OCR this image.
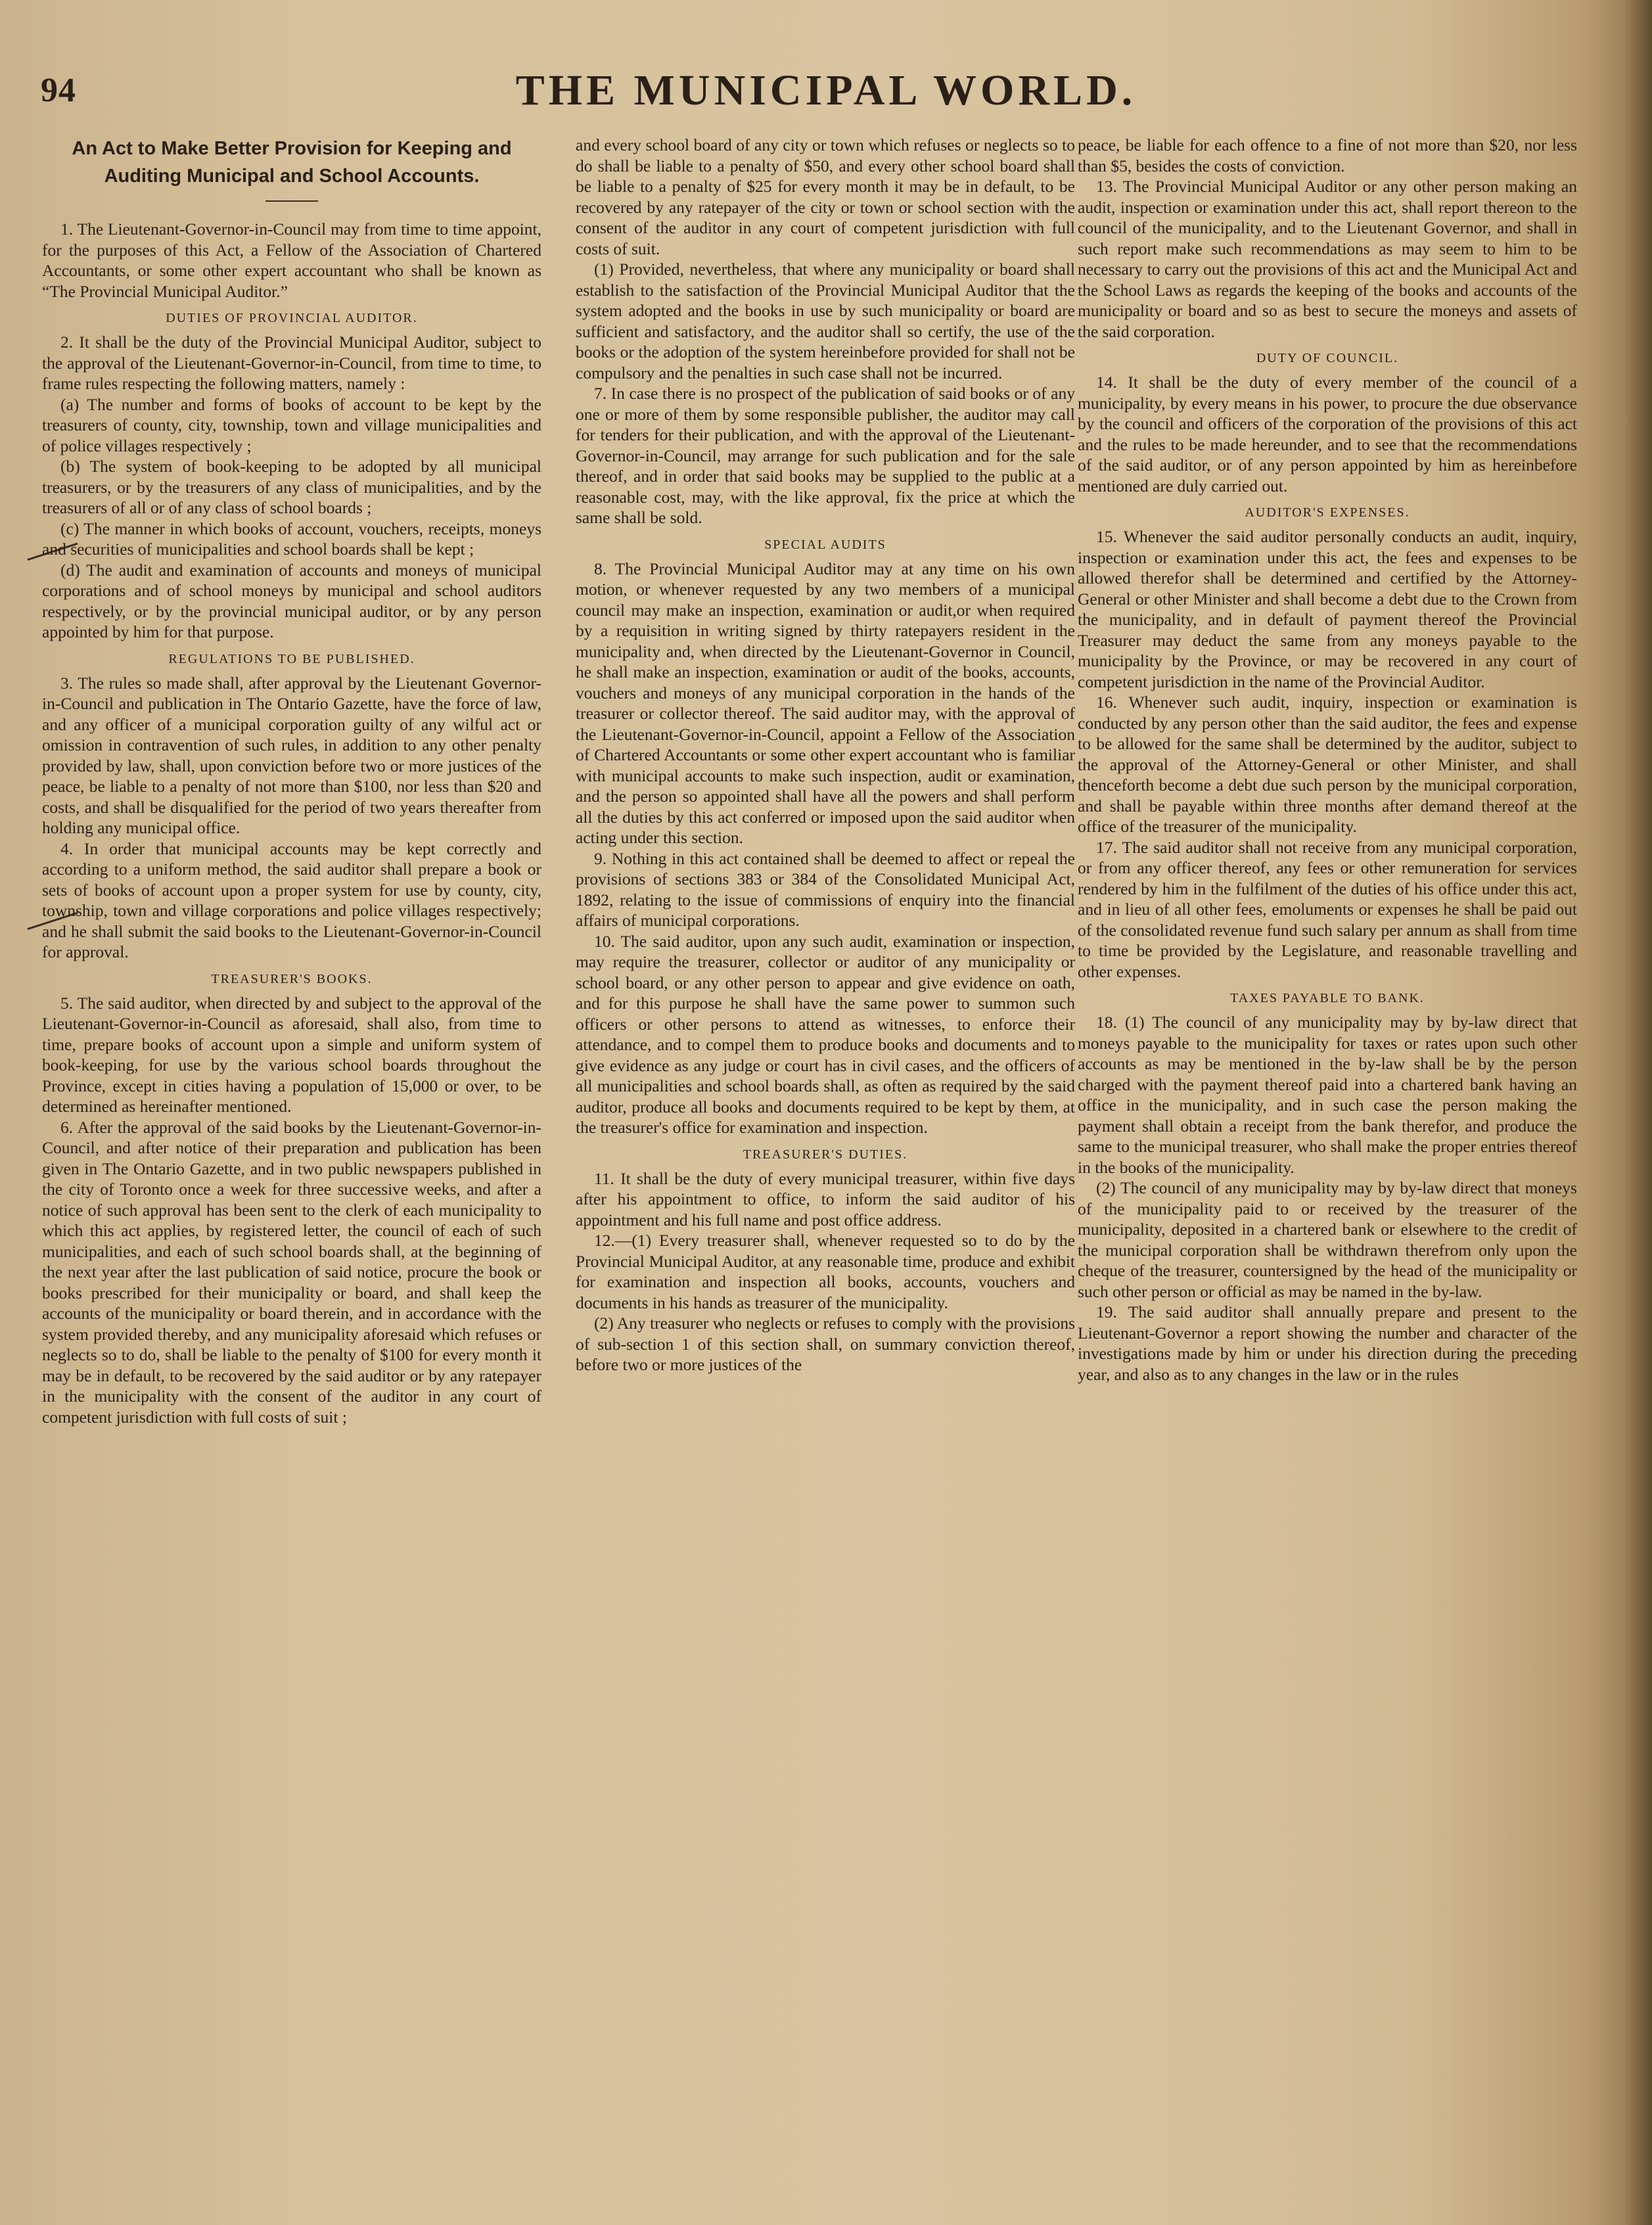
94	THE MUNICIPAL WORLD.
An Act to Make Better Provision for Keeping and Auditing Municipal and School Accounts.

1. The Lieutenant-Governor-in-Council may from time to time appoint, for the purposes of this Act, a Fellow of the Association of Chartered Accountants, or some other expert accountant who shall be known as “The Provincial Municipal Auditor.”

DUTIES OF PROVINCIAL AUDITOR.

2. It shall be the duty of the Provincial Municipal Auditor, subject to the approval of the Lieutenant-Governor-in-Council, from time to time, to frame rules respecting the following matters, namely :

(a) The number and forms of books of account to be kept by the treasurers of county, city, township, town and village municipalities and of police villages respectively ;

(b) The system of book-keeping to be adopted by all municipal treasurers, or by the treasurers of any class of municipalities, and by the treasurers of all or of any class of school boards ;

(c) The manner in which books of account, vouchers, receipts, moneys and securities of municipalities and school boards shall be kept ;

(d) The audit and examination of accounts and moneys of municipal corporations and of school moneys by municipal and school auditors respectively, or by the provincial municipal auditor, or by any person appointed by him for that purpose.

REGULATIONS TO BE PUBLISHED.

3. The rules so made shall, after approval by the Lieutenant Governor-in-Council and publication in The Ontario Gazette, have the force of law, and any officer of a municipal corporation guilty of any wilful act or omission in contravention of such rules, in addition to any other penalty provided by law, shall, upon conviction before two or more justices of the peace, be liable to a penalty of not more than $100, nor less than $20 and costs, and shall be disqualified for the period of two years thereafter from holding any municipal office.

4. In order that municipal accounts may be kept correctly and according to a uniform method, the said auditor shall prepare a book or sets of books of account upon a proper system for use by county, city, township, town and village corporations and police villages respectively; and he shall submit the said books to the Lieutenant-Governor-in-Council for approval.

TREASURER'S BOOKS.

5. The said auditor, when directed by and subject to the approval of the Lieutenant-Governor-in-Council as aforesaid, shall also, from time to time, prepare books of account upon a simple and uniform system of book-keeping, for use by the various school boards throughout the Province, except in cities having a population of 15,000 or over, to be determined as hereinafter mentioned.

6. After the approval of the said books by the Lieutenant-Governor-in-Council, and after notice of their preparation and publication has been given in The Ontario Gazette, and in two public newspapers published in the city of Toronto once a week for three successive weeks, and after a notice of such approval has been sent to the clerk of each municipality to which this act applies, by registered letter, the council of each of such municipalities, and each of such school boards shall, at the beginning of the next year after the last publication of said notice, procure the book or books prescribed for their municipality or board, and shall keep the accounts of the municipality or board therein, and in accordance with the system provided thereby, and any municipality aforesaid which refuses or neglects so to do, shall be liable to the penalty of $100 for every month it may be in default, to be recovered by the said auditor or by any ratepayer in the municipality with the consent of the auditor in any court of competent jurisdiction with full costs of suit ;

and every school board of any city or town which refuses or neglects so to do shall be liable to a penalty of $50, and every other school board shall be liable to a penalty of $25 for every month it may be in default, to be recovered by any ratepayer of the city or town or school section with the consent of the auditor in any court of competent jurisdiction with full costs of suit.

(1) Provided, nevertheless, that where any municipality or board shall establish to the satisfaction of the Provincial Municipal Auditor that the system adopted and the books in use by such municipality or board are sufficient and satisfactory, and the auditor shall so certify, the use of the books or the adoption of the system hereinbefore provided for shall not be compulsory and the penalties in such case shall not be incurred.

7. In case there is no prospect of the publication of said books or of any one or more of them by some responsible publisher, the auditor may call for tenders for their publication, and with the approval of the Lieutenant-Governor-in-Council, may arrange for such publication and for the sale thereof, and in order that said books may be supplied to the public at a reasonable cost, may, with the like approval, fix the price at which the same shall be sold.

SPECIAL AUDITS

8. The Provincial Municipal Auditor may at any time on his own motion, or whenever requested by any two members of a municipal council may make an inspection, examination or audit,or when required by a requisition in writing signed by thirty ratepayers resident in the municipality and, when directed by the Lieutenant-Governor in Council, he shall make an inspection, examination or audit of the books, accounts, vouchers and moneys of any municipal corporation in the hands of the treasurer or collector thereof. The said auditor may, with the approval of the Lieutenant-Governor-in-Council, appoint a Fellow of the Association of Chartered Accountants or some other expert accountant who is familiar with municipal accounts to make such inspection, audit or examination, and the person so appointed shall have all the powers and shall perform all the duties by this act conferred or imposed upon the said auditor when acting under this section.

9. Nothing in this act contained shall be deemed to affect or repeal the provisions of sections 383 or 384 of the Consolidated Municipal Act, 1892, relating to the issue of commissions of enquiry into the financial affairs of municipal corporations.

10. The said auditor, upon any such audit, examination or inspection, may require the treasurer, collector or auditor of any municipality or school board, or any other person to appear and give evidence on oath, and for this purpose he shall have the same power to summon such officers or other persons to attend as witnesses, to enforce their attendance, and to compel them to produce books and documents and to give evidence as any judge or court has in civil cases, and the officers of all municipalities and school boards shall, as often as required by the said auditor, produce all books and documents required to be kept by them, at the treasurer's office for examination and inspection.

TREASURER'S DUTIES.

11. It shall be the duty of every municipal treasurer, within five days after his appointment to office, to inform the said auditor of his appointment and his full name and post office address.

12.—(1) Every treasurer shall, whenever requested so to do by the Provincial Municipal Auditor, at any reasonable time, produce and exhibit for examination and inspection all books, accounts, vouchers and documents in his hands as treasurer of the municipality.

(2) Any treasurer who neglects or refuses to comply with the provisions of sub-section 1 of this section shall, on summary conviction thereof, before two or more justices of the

peace, be liable for each offence to a fine of not more than $20, nor less than $5, besides the costs of conviction.

13. The Provincial Municipal Auditor or any other person making an audit, inspection or examination under this act, shall report thereon to the council of the municipality, and to the Lieutenant Governor, and shall in such report make such recommendations as may seem to him to be necessary to carry out the provisions of this act and the Municipal Act and the School Laws as regards the keeping of the books and accounts of the municipality or board and so as best to secure the moneys and assets of the said corporation.

DUTY OF COUNCIL.

14. It shall be the duty of every member of the council of a municipality, by every means in his power, to procure the due observance by the council and officers of the corporation of the provisions of this act and the rules to be made hereunder, and to see that the recommendations of the said auditor, or of any person appointed by him as hereinbefore mentioned are duly carried out.

AUDITOR'S EXPENSES.

15. Whenever the said auditor personally conducts an audit, inquiry, inspection or examination under this act, the fees and expenses to be allowed therefor shall be determined and certified by the Attorney-General or other Minister and shall become a debt due to the Crown from the municipality, and in default of payment thereof the Provincial Treasurer may deduct the same from any moneys payable to the municipality by the Province, or may be recovered in any court of competent jurisdiction in the name of the Provincial Auditor.

16. Whenever such audit, inquiry, inspection or examination is conducted by any person other than the said auditor, the fees and expense to be allowed for the same shall be determined by the auditor, subject to the approval of the Attorney-General or other Minister, and shall thenceforth become a debt due such person by the municipal corporation, and shall be payable within three months after demand thereof at the office of the treasurer of the municipality.

17. The said auditor shall not receive from any municipal corporation, or from any officer thereof, any fees or other remuneration for services rendered by him in the fulfilment of the duties of his office under this act, and in lieu of all other fees, emoluments or expenses he shall be paid out of the consolidated revenue fund such salary per annum as shall from time to time be provided by the Legislature, and reasonable travelling and other expenses.

TAXES PAYABLE TO BANK.

18. (1) The council of any municipality may by by-law direct that moneys payable to the municipality for taxes or rates upon such other accounts as may be mentioned in the by-law shall be by the person charged with the payment thereof paid into a chartered bank having an office in the municipality, and in such case the person making the payment shall obtain a receipt from the bank therefor, and produce the same to the municipal treasurer, who shall make the proper entries thereof in the books of the municipality.

(2) The council of any municipality may by by-law direct that moneys of the municipality paid to or received by the treasurer of the municipality, deposited in a chartered bank or elsewhere to the credit of the municipal corporation shall be withdrawn therefrom only upon the cheque of the treasurer, countersigned by the head of the municipality or such other person or official as may be named in the by-law.

19. The said auditor shall annually prepare and present to the Lieutenant-Governor a report showing the number and character of the investigations made by him or under his direction during the preceding year, and also as to any changes in the law or in the rules
